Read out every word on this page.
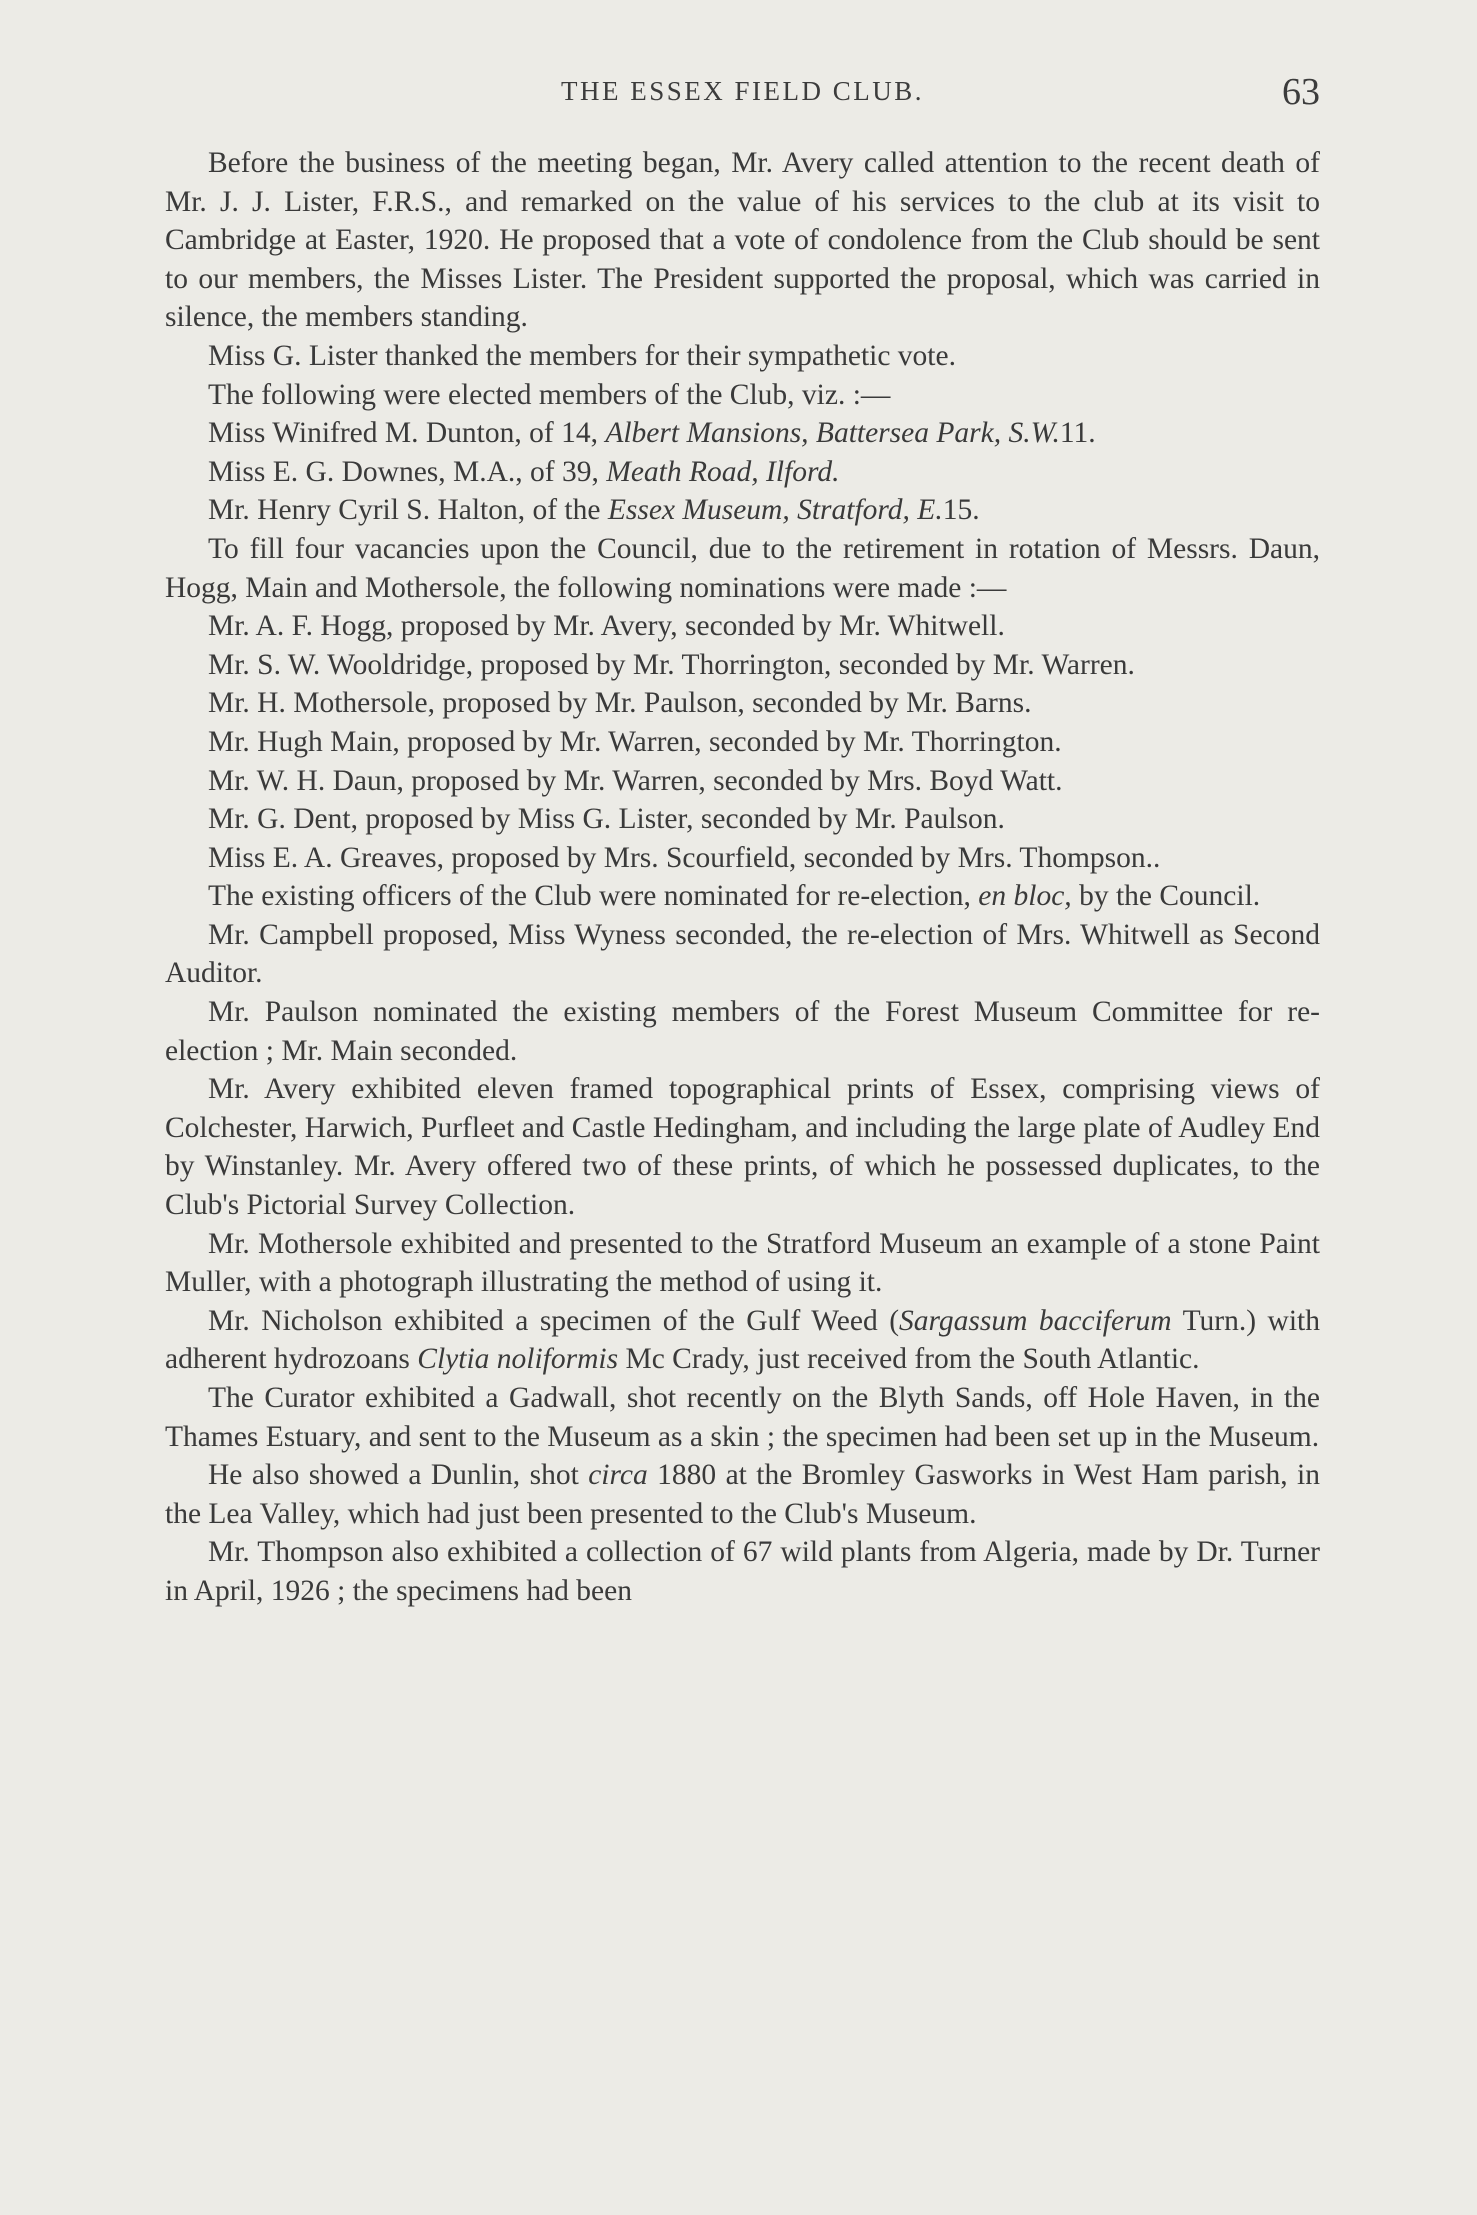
THE ESSEX FIELD CLUB.	63

Before the business of the meeting began, Mr. Avery called attention to the recent death of Mr. J. J. Lister, F.R.S., and remarked on the value of his services to the club at its visit to Cambridge at Easter, 1920. He proposed that a vote of condolence from the Club should be sent to our members, the Misses Lister. The President supported the proposal, which was carried in silence, the members standing.

Miss G. Lister thanked the members for their sympathetic vote.

The following were elected members of the Club, viz. :—

Miss Winifred M. Dunton, of 14, Albert Mansions, Battersea Park, S.W.11.

Miss E. G. Downes, M.A., of 39, Meath Road, Ilford.

Mr. Henry Cyril S. Halton, of the Essex Museum, Stratford, E.15.

To fill four vacancies upon the Council, due to the retirement in rotation of Messrs. Daun, Hogg, Main and Mothersole, the following nominations were made :—

Mr. A. F. Hogg, proposed by Mr. Avery, seconded by Mr. Whitwell.

Mr. S. W. Wooldridge, proposed by Mr. Thorrington, seconded by Mr. Warren.

Mr. H. Mothersole, proposed by Mr. Paulson, seconded by Mr. Barns.

Mr. Hugh Main, proposed by Mr. Warren, seconded by Mr. Thorrington.

Mr. W. H. Daun, proposed by Mr. Warren, seconded by Mrs. Boyd Watt.

Mr. G. Dent, proposed by Miss G. Lister, seconded by Mr. Paulson.

Miss E. A. Greaves, proposed by Mrs. Scourfield, seconded by Mrs. Thompson..

The existing officers of the Club were nominated for re-election, en bloc, by the Council.

Mr. Campbell proposed, Miss Wyness seconded, the re-election of Mrs. Whitwell as Second Auditor.

Mr. Paulson nominated the existing members of the Forest Museum Committee for re-election ; Mr. Main seconded.

Mr. Avery exhibited eleven framed topographical prints of Essex, comprising views of Colchester, Harwich, Purfleet and Castle Hedingham, and including the large plate of Audley End by Winstanley. Mr. Avery offered two of these prints, of which he possessed duplicates, to the Club's Pictorial Survey Collection.

Mr. Mothersole exhibited and presented to the Stratford Museum an example of a stone Paint Muller, with a photograph illustrating the method of using it.

Mr. Nicholson exhibited a specimen of the Gulf Weed (Sargassum bacciferum Turn.) with adherent hydrozoans Clytia noliformis Mc Crady, just received from the South Atlantic.

The Curator exhibited a Gadwall, shot recently on the Blyth Sands, off Hole Haven, in the Thames Estuary, and sent to the Museum as a skin ; the specimen had been set up in the Museum.

He also showed a Dunlin, shot circa 1880 at the Bromley Gasworks in West Ham parish, in the Lea Valley, which had just been presented to the Club's Museum.

Mr. Thompson also exhibited a collection of 67 wild plants from Algeria, made by Dr. Turner in April, 1926 ; the specimens had been
